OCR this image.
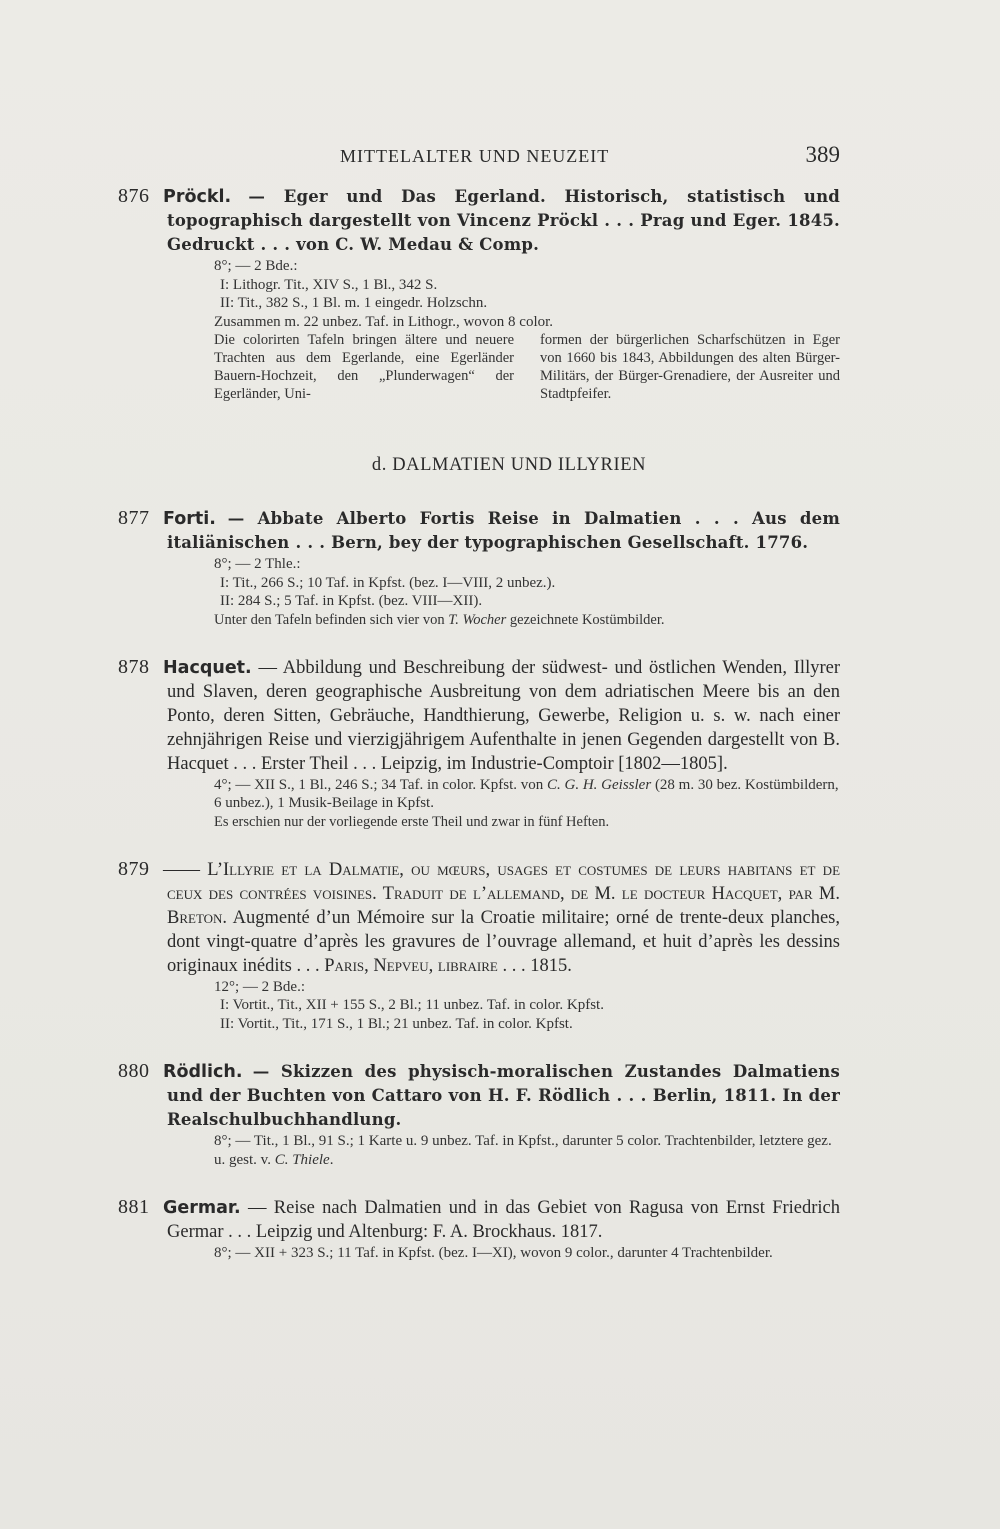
MITTELALTER UND NEUZEIT	389
876 Pröckl. — Eger und Das Egerland. Historisch, statistisch und topographisch dargestellt von Vincenz Pröckl . . . Prag und Eger. 1845. Gedruckt . . . von C. W. Medau & Comp.
8°; — 2 Bde.:
I: Lithogr. Tit., XIV S., 1 Bl., 342 S.
II: Tit., 382 S., 1 Bl. m. 1 eingedr. Holzschn.
Zusammen m. 22 unbez. Taf. in Lithogr., wovon 8 color.
Die colorirten Tafeln bringen ältere und neuere Trachten aus dem Egerlande, eine Egerländer Bauern-Hochzeit, den „Plunderwagen“ der Egerländer, Uni-
formen der bürgerlichen Scharfschützen in Eger von 1660 bis 1843, Abbildungen des alten Bürger-Militärs, der Bürger-Grenadiere, der Ausreiter und Stadtpfeifer.
d. DALMATIEN UND ILLYRIEN
877 Forti. — Abbate Alberto Fortis Reise in Dalmatien . . . Aus dem italiänischen . . . Bern, bey der typographischen Gesellschaft. 1776.
8°; — 2 Thle.:
I: Tit., 266 S.; 10 Taf. in Kpfst. (bez. I—VIII, 2 unbez.).
II: 284 S.; 5 Taf. in Kpfst. (bez. VIII—XII).
Unter den Tafeln befinden sich vier von T. Wocher gezeichnete Kostümbilder.
878 Hacquet. — Abbildung und Beschreibung der südwest- und östlichen Wenden, Illyrer und Slaven, deren geographische Ausbreitung von dem adriatischen Meere bis an den Ponto, deren Sitten, Gebräuche, Handthierung, Gewerbe, Religion u. s. w. nach einer zehnjährigen Reise und vierzigjährigem Aufenthalte in jenen Gegenden dargestellt von B. Hacquet . . . Erster Theil . . . Leipzig, im Industrie-Comptoir [1802—1805].
4°; — XII S., 1 Bl., 246 S.; 34 Taf. in color. Kpfst. von C. G. H. Geissler (28 m. 30 bez. Kostümbildern, 6 unbez.), 1 Musik-Beilage in Kpfst.
Es erschien nur der vorliegende erste Theil und zwar in fünf Heften.
879 —— L’Illyrie et la Dalmatie, ou mœurs, usages et costumes de leurs habitans et de ceux des contrées voisines. Traduit de l’allemand, de M. le docteur Hacquet, par M. Breton. Augmenté d’un Mémoire sur la Croatie militaire; orné de trente-deux planches, dont vingt-quatre d’après les gravures de l’ouvrage allemand, et huit d’après les dessins originaux inédits . . . Paris, Nepveu, libraire . . . 1815.
12°; — 2 Bde.:
I: Vortit., Tit., XII + 155 S., 2 Bl.; 11 unbez. Taf. in color. Kpfst.
II: Vortit., Tit., 171 S., 1 Bl.; 21 unbez. Taf. in color. Kpfst.
880 Rödlich. — Skizzen des physisch-moralischen Zustandes Dalmatiens und der Buchten von Cattaro von H. F. Rödlich . . . Berlin, 1811. In der Realschulbuchhandlung.
8°; — Tit., 1 Bl., 91 S.; 1 Karte u. 9 unbez. Taf. in Kpfst., darunter 5 color. Trachtenbilder, letztere gez. u. gest. v. C. Thiele.
881 Germar. — Reise nach Dalmatien und in das Gebiet von Ragusa von Ernst Friedrich Germar . . . Leipzig und Altenburg: F. A. Brockhaus. 1817.
8°; — XII + 323 S.; 11 Taf. in Kpfst. (bez. I—XI), wovon 9 color., darunter 4 Trachtenbilder.
